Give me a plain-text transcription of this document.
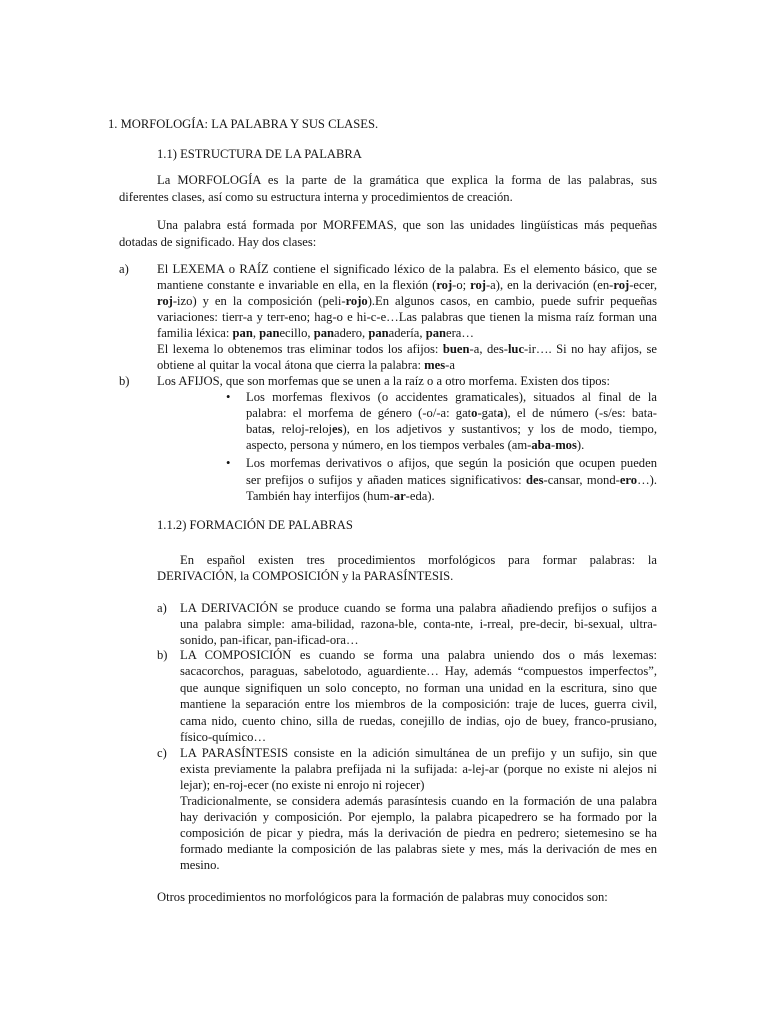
1. MORFOLOGÍA: LA PALABRA Y SUS CLASES.
1.1) ESTRUCTURA DE LA PALABRA
La MORFOLOGÍA es la parte de la gramática que explica la forma de las palabras, sus
diferentes clases, así como su estructura interna y procedimientos de creación.
Una palabra está formada por MORFEMAS, que son las unidades lingüísticas más pequeñas
dotadas de significado. Hay dos clases:
a) El LEXEMA o RAÍZ contiene el significado léxico de la palabra. Es el elemento básico, que se
mantiene constante e invariable en ella, en la flexión (roj-o; roj-a), en la derivación (en-roj-ecer,
roj-izo) y en la composición (peli-rojo).En algunos casos, en cambio, puede sufrir pequeñas
variaciones: tierr-a y terr-eno; hag-o e hi-c-e…Las palabras que tienen la misma raíz forman una
familia léxica: pan, panecillo, panadero, panadería, panera…
El lexema lo obtenemos tras eliminar todos los afijos: buen-a, des-luc-ir…. Si no hay afijos, se
obtiene al quitar la vocal átona que cierra la palabra: mes-a
b) Los AFIJOS, que son morfemas que se unen a la raíz o a otro morfema. Existen dos tipos:
• Los morfemas flexivos (o accidentes gramaticales), situados al final de la
palabra: el morfema de género (-o/-a: gato-gata), el de número (-s/es: bata-
batas, reloj-relojes), en los adjetivos y sustantivos; y los de modo, tiempo,
aspecto, persona y número, en los tiempos verbales (am-aba-mos).
• Los morfemas derivativos o afijos, que según la posición que ocupen pueden
ser prefijos o sufijos y añaden matices significativos: des-cansar, mond-ero…).
También hay interfijos (hum-ar-eda).
1.1.2) FORMACIÓN DE PALABRAS
En español existen tres procedimientos morfológicos para formar palabras: la
DERIVACIÓN, la COMPOSICIÓN y la PARASÍNTESIS.
a) LA DERIVACIÓN se produce cuando se forma una palabra añadiendo prefijos o sufijos a
una palabra simple: ama-bilidad, razona-ble, conta-nte, i-rreal, pre-decir, bi-sexual, ultra-
sonido, pan-ificar, pan-ificad-ora…
b) LA COMPOSICIÓN es cuando se forma una palabra uniendo dos o más lexemas:
sacacorchos, paraguas, sabelotodo, aguardiente… Hay, además “compuestos imperfectos”,
que aunque signifiquen un solo concepto, no forman una unidad en la escritura, sino que
mantiene la separación entre los miembros de la composición: traje de luces, guerra civil,
cama nido, cuento chino, silla de ruedas, conejillo de indias, ojo de buey, franco-prusiano,
físico-químico…
c) LA PARASÍNTESIS consiste en la adición simultánea de un prefijo y un sufijo, sin que
exista previamente la palabra prefijada ni la sufijada: a-lej-ar (porque no existe ni alejos ni
lejar); en-roj-ecer (no existe ni enrojo ni rojecer)
Tradicionalmente, se considera además parasíntesis cuando en la formación de una palabra
hay derivación y composición. Por ejemplo, la palabra picapedrero se ha formado por la
composición de picar y piedra, más la derivación de piedra en pedrero; sietemesino se ha
formado mediante la composición de las palabras siete y mes, más la derivación de mes en
mesino.
Otros procedimientos no morfológicos para la formación de palabras muy conocidos son:
